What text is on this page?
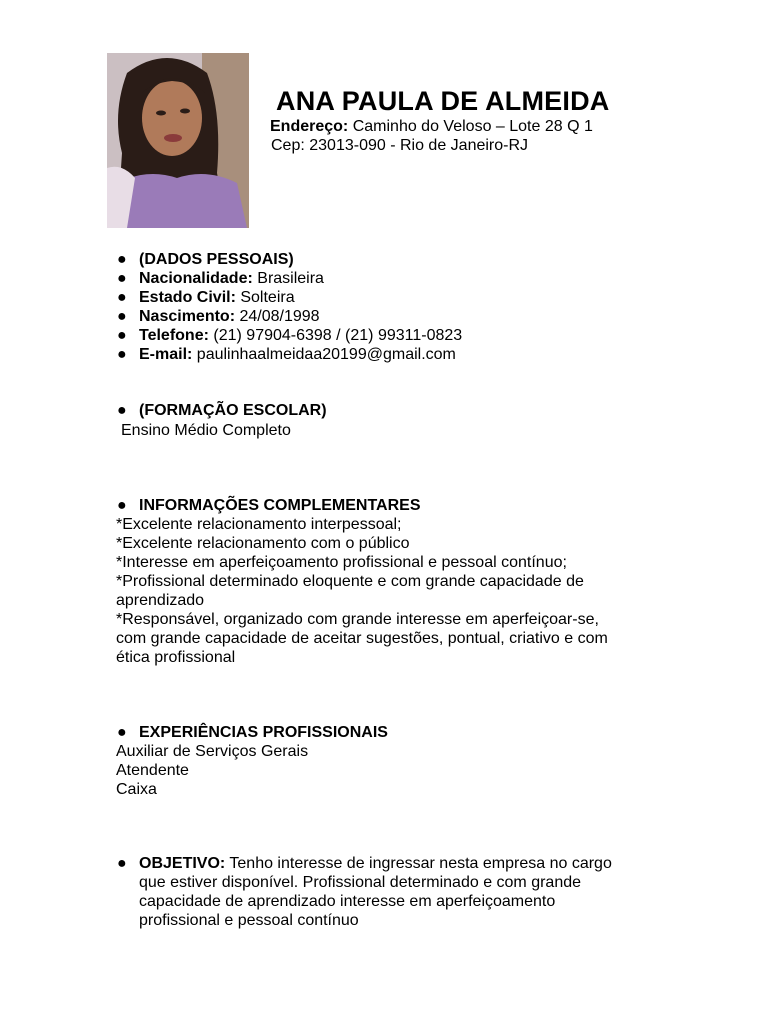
ANA PAULA DE ALMEIDA
Endereço: Caminho do Veloso – Lote 28 Q 1
Cep: 23013-090 - Rio de Janeiro-RJ
● (DADOS PESSOAIS)
● Nacionalidade: Brasileira
● Estado Civil: Solteira
● Nascimento: 24/08/1998
● Telefone: (21) 97904-6398 / (21) 99311-0823
● E-mail: paulinhaalmeidaa20199@gmail.com
● (FORMAÇÃO ESCOLAR)
Ensino Médio Completo
● INFORMAÇÕES COMPLEMENTARES
*Excelente relacionamento interpessoal;
*Excelente relacionamento com o público
*Interesse em aperfeiçoamento profissional e pessoal contínuo;
*Profissional determinado eloquente e com grande capacidade de
aprendizado
*Responsável, organizado com grande interesse em aperfeiçoar-se,
com grande capacidade de aceitar sugestões, pontual, criativo e com
ética profissional
● EXPERIÊNCIAS PROFISSIONAIS
Auxiliar de Serviços Gerais
Atendente
Caixa
● OBJETIVO: Tenho interesse de ingressar nesta empresa no cargo
que estiver disponível. Profissional determinado e com grande
capacidade de aprendizado interesse em aperfeiçoamento
profissional e pessoal contínuo
